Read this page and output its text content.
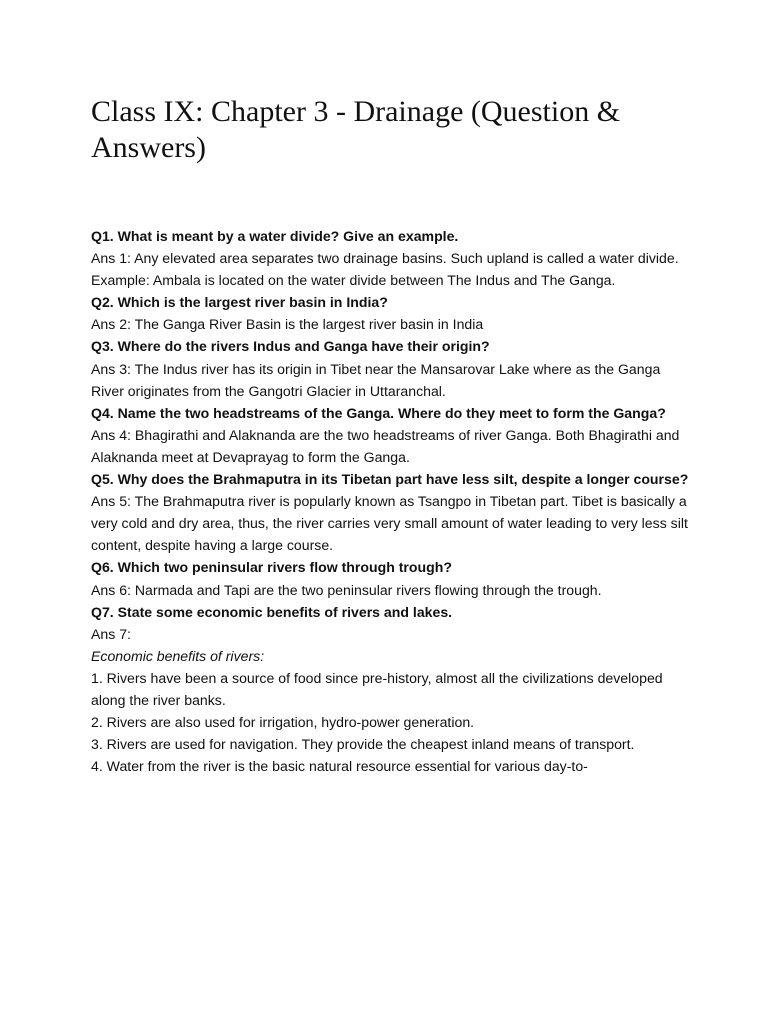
Class IX: Chapter 3 - Drainage (Question & Answers)

Q1. What is meant by a water divide? Give an example.

Ans 1: Any elevated area separates two drainage basins. Such upland is called a water divide. Example: Ambala is located on the water divide between The Indus and The Ganga.

Q2. Which is the largest river basin in India?

Ans 2: The Ganga River Basin is the largest river basin in India

Q3. Where do the rivers Indus and Ganga have their origin?

Ans 3: The Indus river has its origin in Tibet near the Mansarovar Lake where as the Ganga River originates from the Gangotri Glacier in Uttaranchal.

Q4. Name the two headstreams of the Ganga. Where do they meet to form the Ganga?

Ans 4: Bhagirathi and Alaknanda are the two headstreams of river Ganga. Both Bhagirathi and Alaknanda meet at Devaprayag to form the Ganga.

Q5. Why does the Brahmaputra in its Tibetan part have less silt, despite a longer course?

Ans 5: The Brahmaputra river is popularly known as Tsangpo in Tibetan part. Tibet is basically a very cold and dry area, thus, the river carries very small amount of water leading to very less silt content, despite having a large course.

Q6. Which two peninsular rivers flow through trough?

Ans 6: Narmada and Tapi are the two peninsular rivers flowing through the trough.

Q7. State some economic benefits of rivers and lakes.

Ans 7:

Economic benefits of rivers:

1. Rivers have been a source of food since pre-history, almost all the civilizations developed along the river banks.

2. Rivers are also used for irrigation, hydro-power generation.

3. Rivers are used for navigation. They provide the cheapest inland means of transport.

4. Water from the river is the basic natural resource essential for various day-to-
